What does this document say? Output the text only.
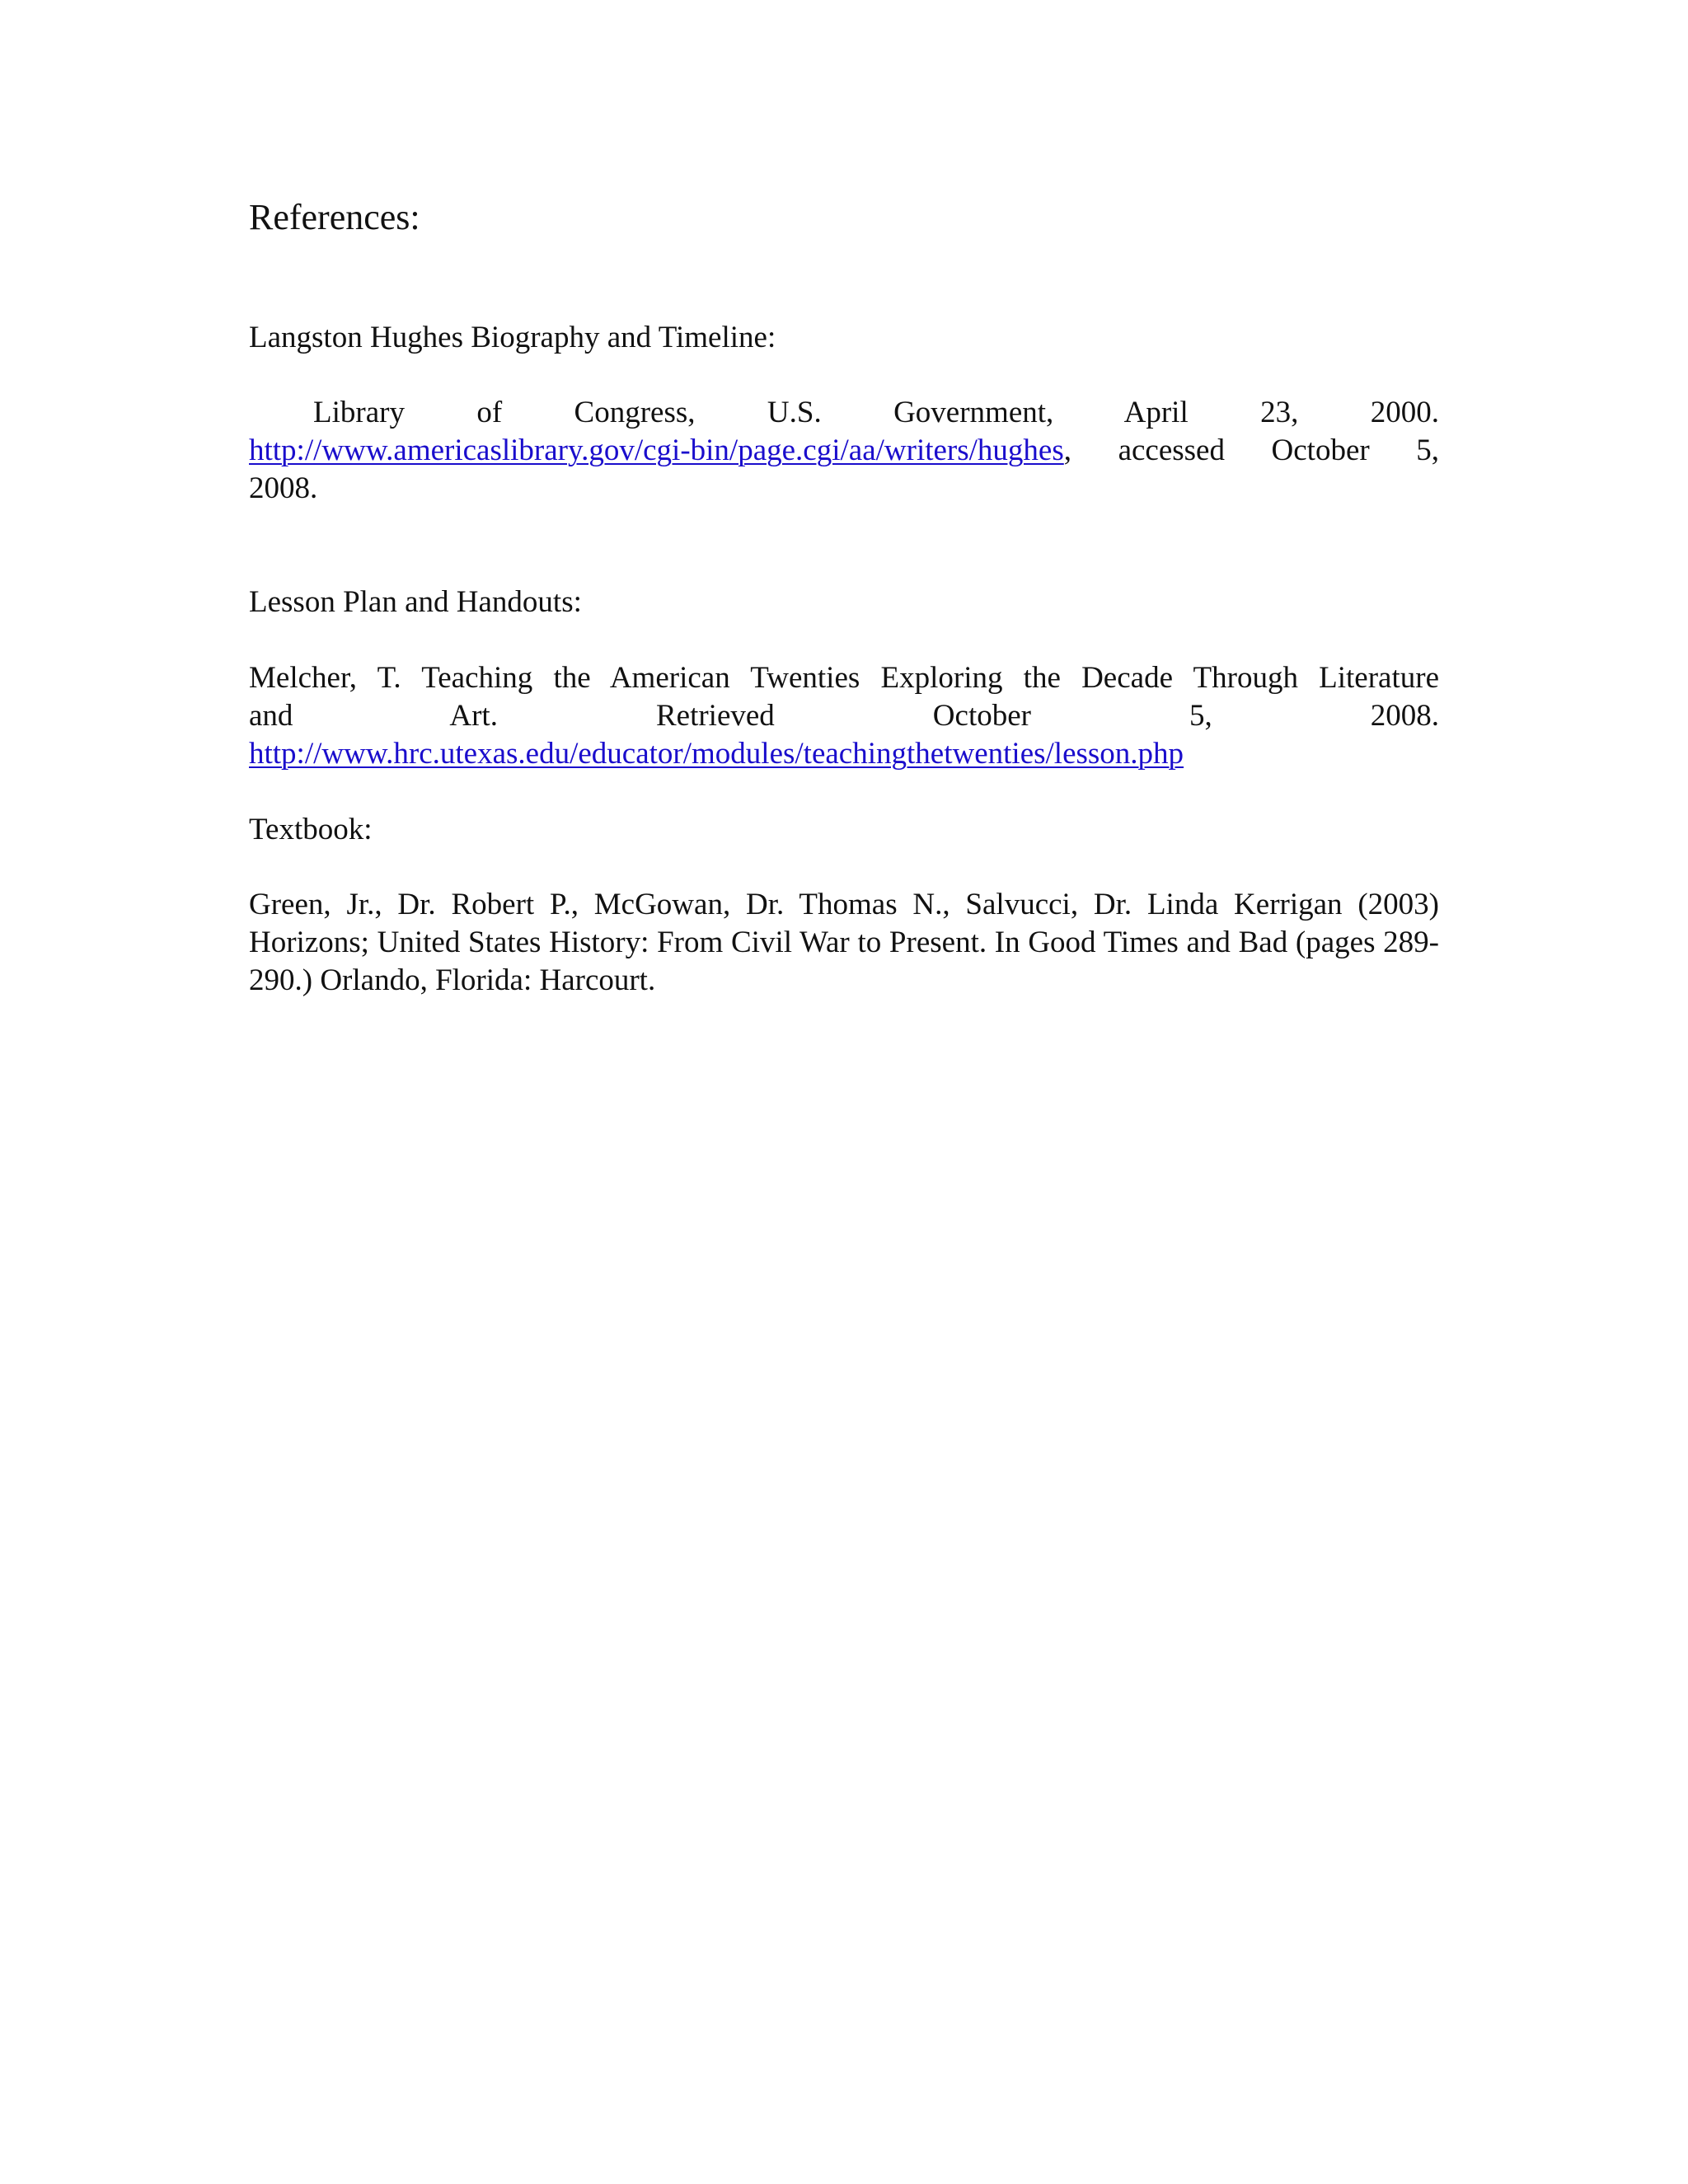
References:

Langston Hughes Biography and Timeline:

Library of Congress, U.S. Government, April 23, 2000.
http://www.americaslibrary.gov/cgi-bin/page.cgi/aa/writers/hughes, accessed October 5,
2008.

Lesson Plan and Handouts:

Melcher, T. Teaching the American Twenties Exploring the Decade Through Literature
and Art. Retrieved October 5, 2008.
http://www.hrc.utexas.edu/educator/modules/teachingthetwenties/lesson.php

Textbook:

Green, Jr., Dr. Robert P., McGowan, Dr. Thomas N., Salvucci, Dr. Linda Kerrigan (2003) Horizons; United States History: From Civil War to Present. In Good Times and Bad (pages 289-290.) Orlando, Florida: Harcourt.
